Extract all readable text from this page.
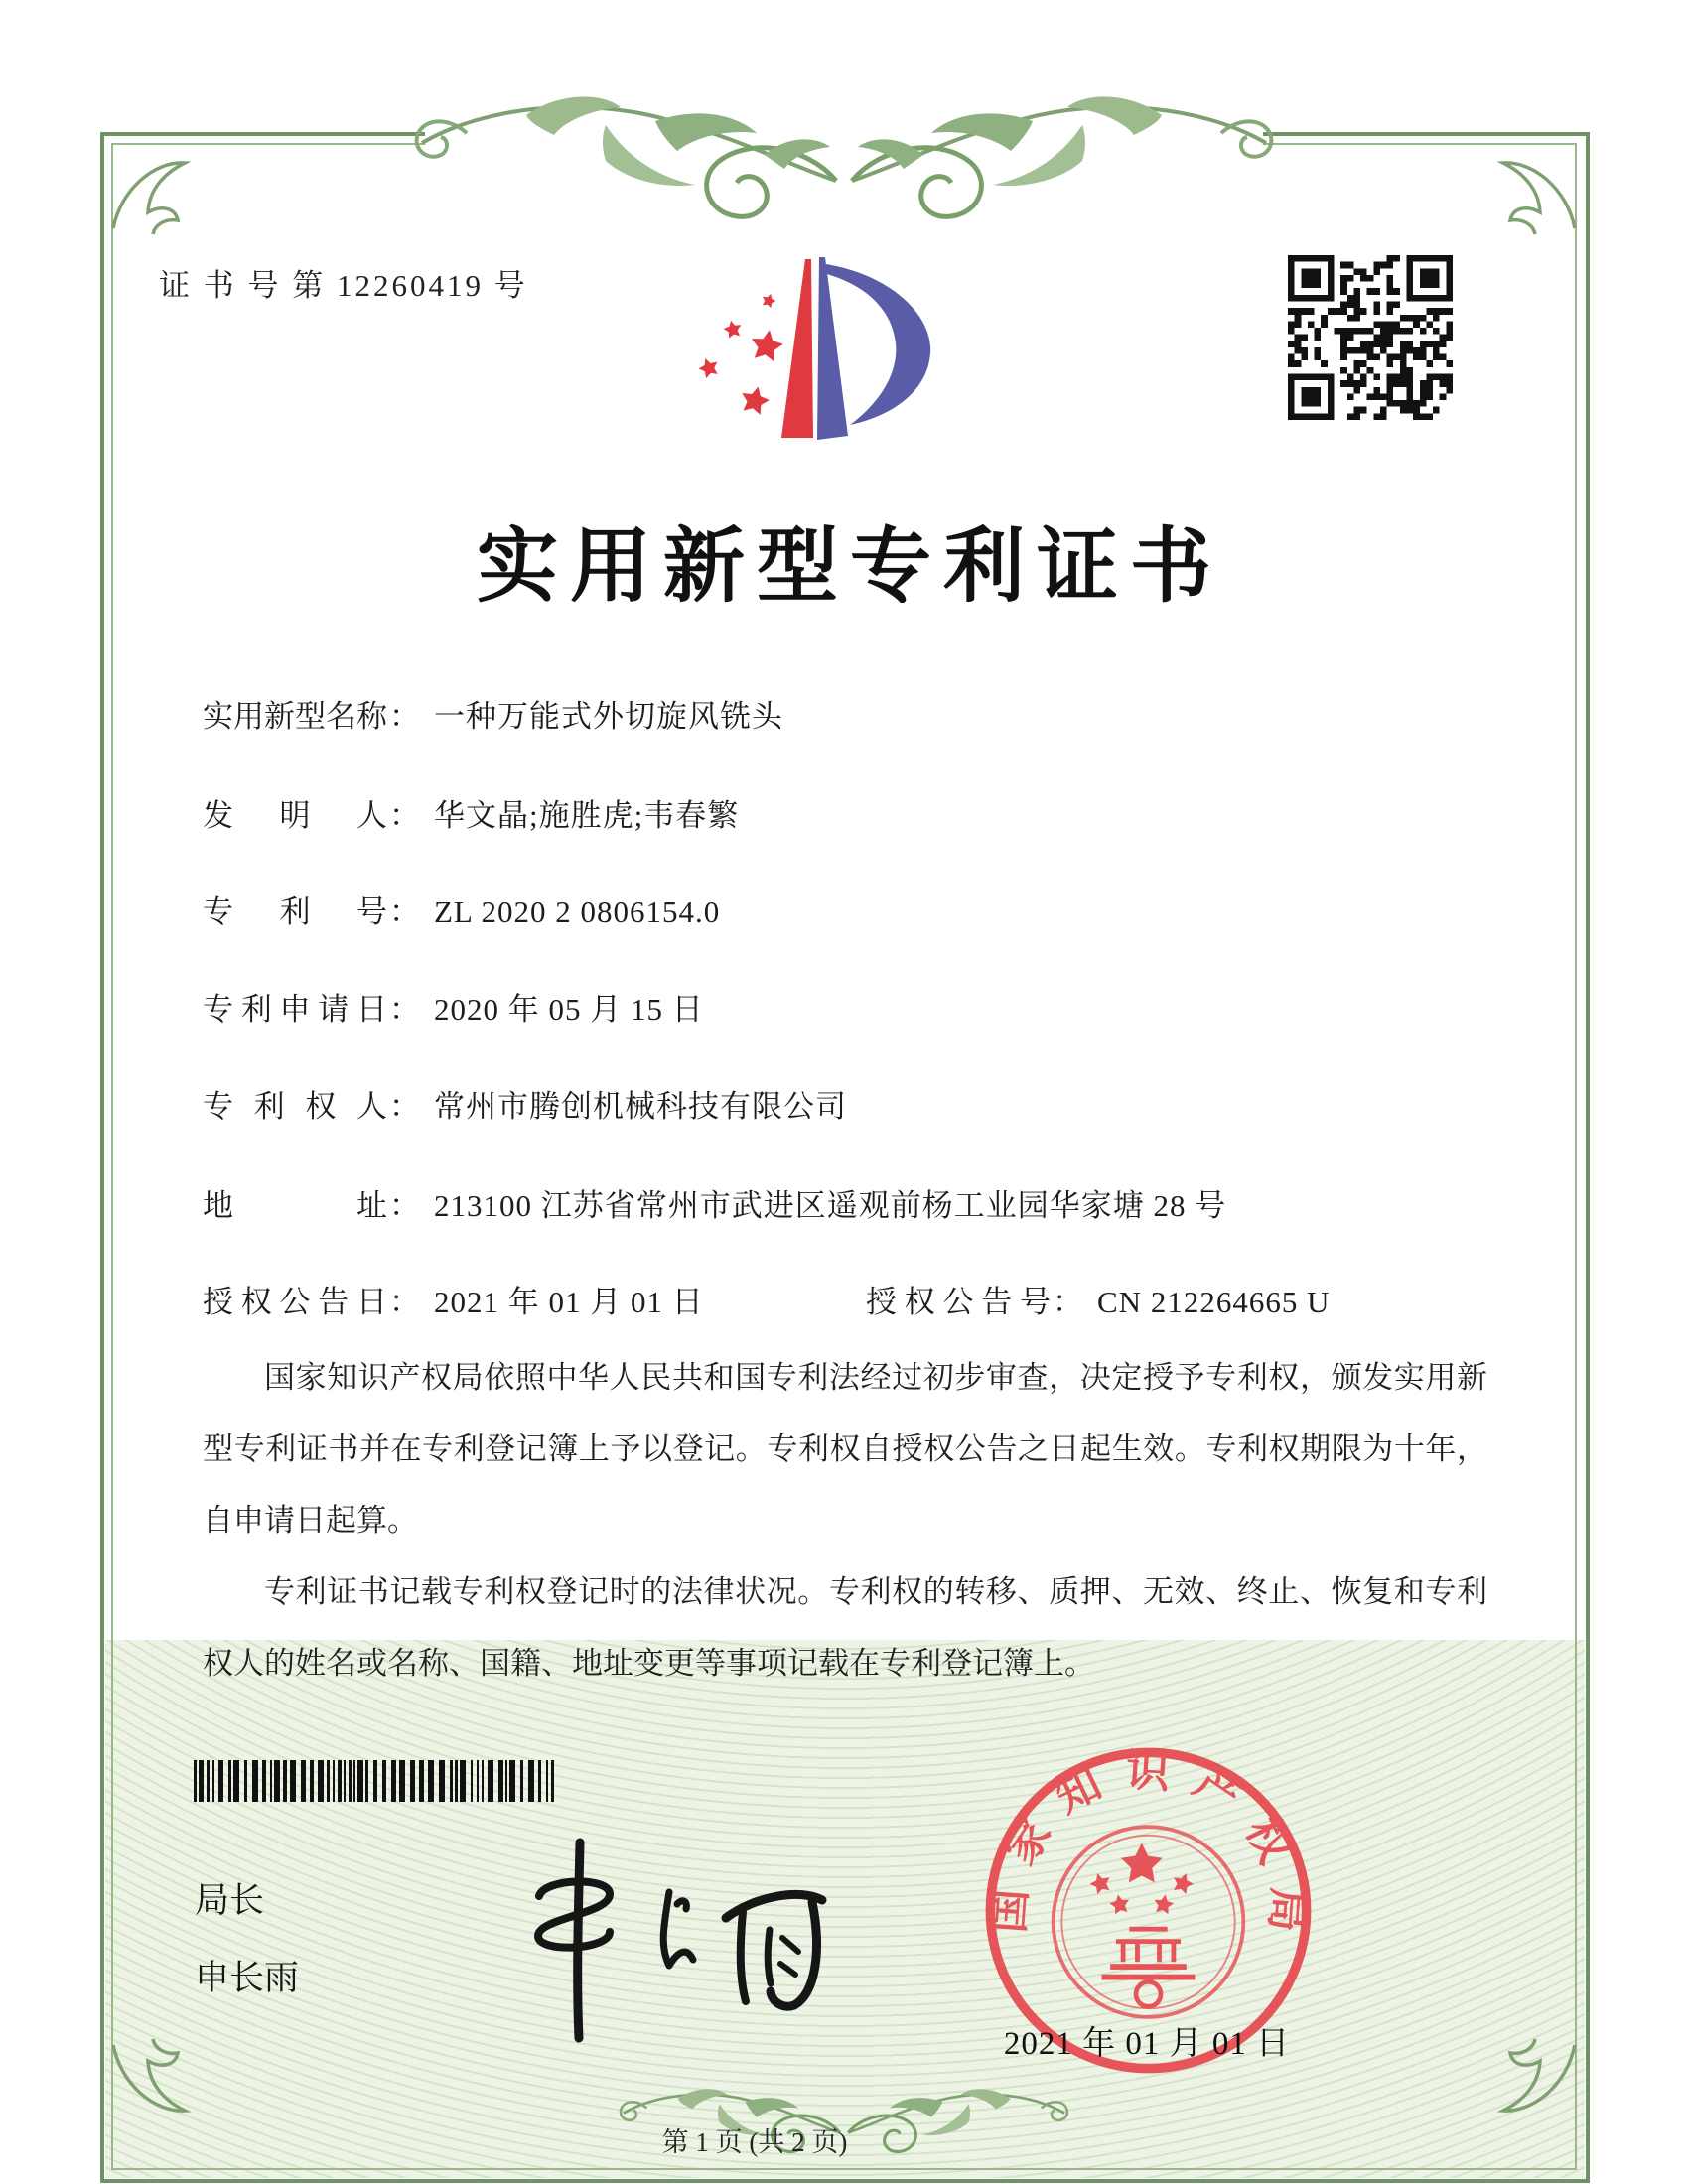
证 书 号 第 12260419 号
实用新型专利证书
实用新型名称： 一种万能式外切旋风铣头
发明人： 华文晶;施胜虎;韦春繁
专利号： ZL 2020 2 0806154.0
专利申请日： 2020 年 05 月 15 日
专利权人： 常州市腾创机械科技有限公司
地址： 213100 江苏省常州市武进区遥观前杨工业园华家塘 28 号
授权公告日： 2021 年 01 月 01 日	授权公告号： CN 212264665 U

国家知识产权局依照中华人民共和国专利法经过初步审查，决定授予专利权，颁发实用新型专利证书并在专利登记簿上予以登记。专利权自授权公告之日起生效。专利权期限为十年，自申请日起算。

专利证书记载专利权登记时的法律状况。专利权的转移、质押、无效、终止、恢复和专利权人的姓名或名称、国籍、地址变更等事项记载在专利登记簿上。

局长
申长雨
国家知识产权局
2021 年 01 月 01 日
第 1 页 (共 2 页)
